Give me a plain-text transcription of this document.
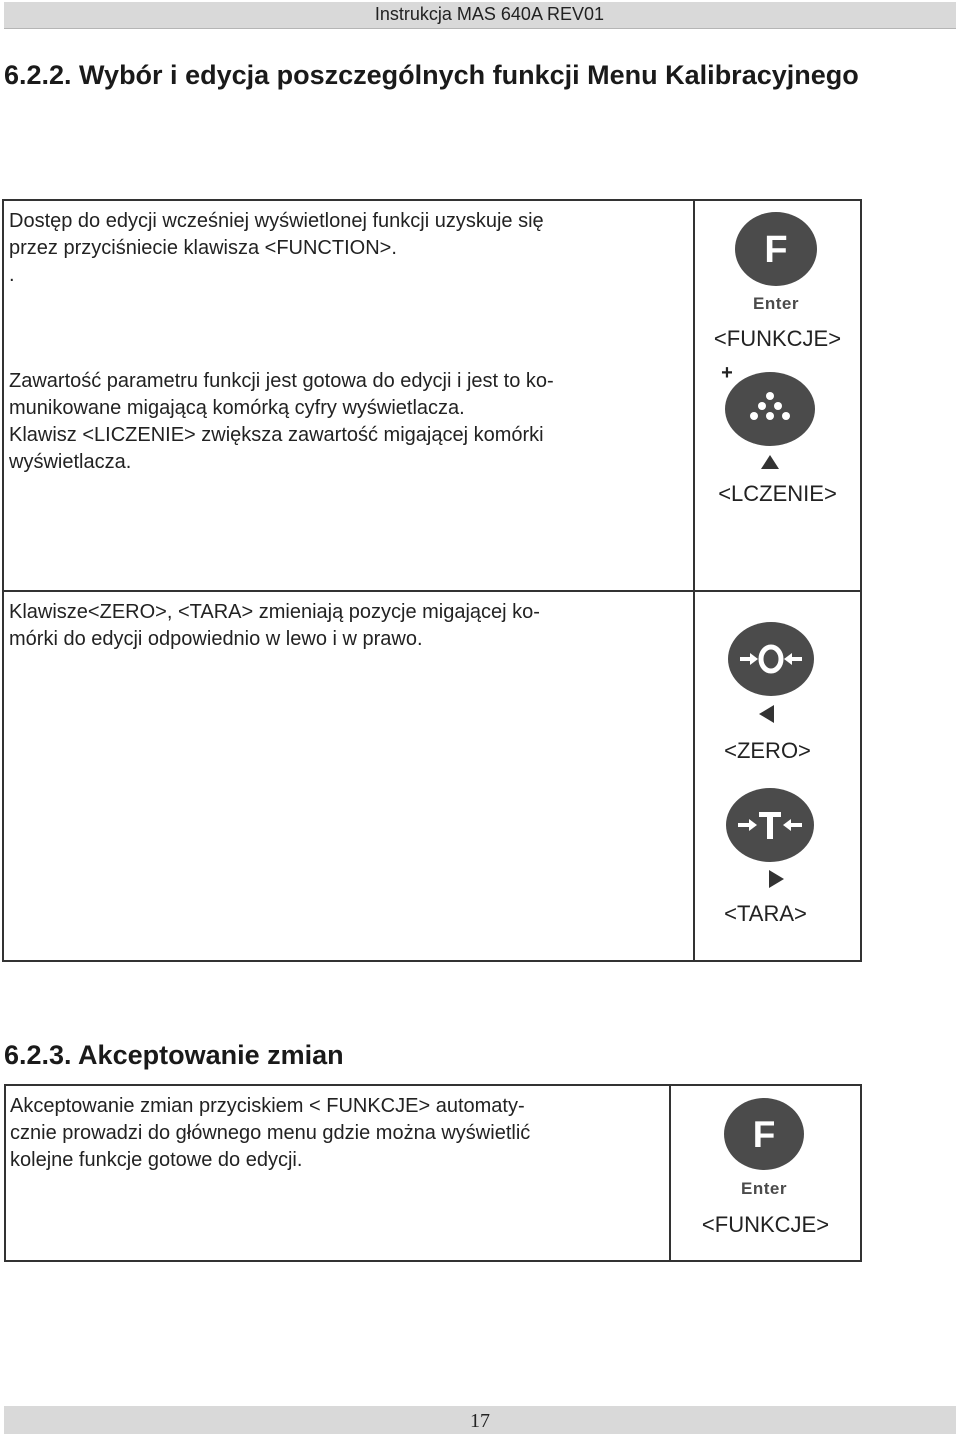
Instrukcja MAS 640A REV01
6.2.2. Wybór i edycja poszczególnych funkcji Menu Kalibracyjnego
Dostęp do edycji wcześniej wyświetlonej funkcji uzyskuje się
przez przyciśniecie klawisza <FUNCTION>.
.
Zawartość parametru funkcji jest gotowa do edycji i jest to ko-
munikowane migającą komórką cyfry wyświetlacza.
Klawisz <LICZENIE> zwiększa zawartość migającej komórki
wyświetlacza.
F
Enter
<FUNKCJE>
+
<LCZENIE>
Klawisze<ZERO>, <TARA> zmieniają pozycje migającej ko-
mórki do edycji odpowiednio w lewo i w prawo.
<ZERO>
<TARA>
6.2.3. Akceptowanie zmian
Akceptowanie zmian przyciskiem < FUNKCJE> automaty-
cznie prowadzi do głównego menu gdzie można wyświetlić
kolejne funkcje gotowe do edycji.
F
Enter
<FUNKCJE>
17
